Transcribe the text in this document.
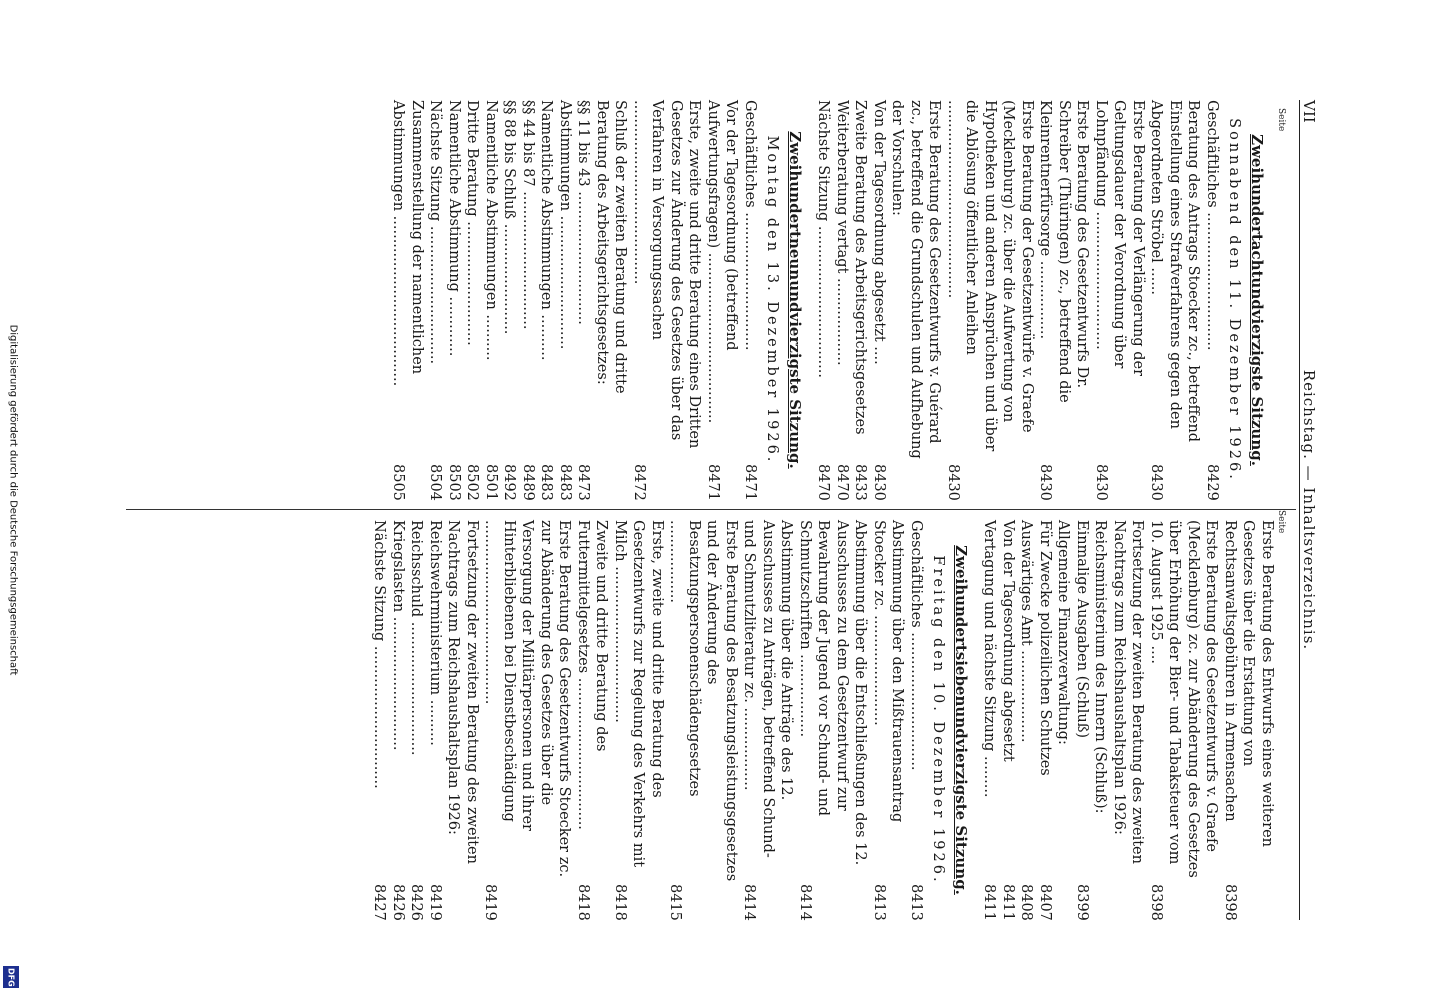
Digitalisierung gefördert durch die Deutsche Forschungsgemeinschaft
DFG
VII
Reichstag. — Inhaltsverzeichnis.
Seite
Seite
Zweihundertachtundvierzigste Sitzung.
Sonnabend den 11. Dezember 1926.
Geschäftliches ..............................
8429
Beratung des Antrags Stoecker zc., betreffend Einstellung eines Strafverfahrens gegen den Abgeordneten Ströbel ......
8430
Erste Beratung der Verlängerung der Geltungsdauer der Verordnung über Lohnpfändung ..............................
8430
Erste Beratung des Gesetzentwurfs Dr. Schreiber (Thüringen) zc., betreffend die Kleinrentnerfürsorge .................
8430
Erste Beratung der Gesetzentwürfe v. Graefe (Mecklenburg) zc. über die Aufwertung von Hypotheken und anderen Ansprüchen und über die Ablösung öffentlicher Anleihen ...........................................
8430
Erste Beratung des Gesetzentwurfs v. Guérard zc., betreffend die Grundschulen und Aufhebung der Vorschulen:
Von der Tagesordnung abgesetzt ....
8430
Zweite Beratung des Arbeitsgerichtsgesetzes
8433
Weiterberatung vertagt ...................
8470
Nächste Sitzung .................................
8470
Zweihundertneunundvierzigste Sitzung.
Montag den 13. Dezember 1926.
Geschäftliches ..............................
8471
Vor der Tagesordnung (betreffend Aufwertungsfragen) .....................................
8471
Erste, zweite und dritte Beratung eines Dritten Gesetzes zur Änderung des Gesetzes über das Verfahren in Versorgungssachen ........................................
8472
Schluß der zweiten Beratung und dritte Beratung des Arbeitsgerichtsgesetzes:
§§ 11 bis 43 .............................
8473
Abstimmungen .............................
8483
Namentliche Abstimmungen ..........
8483
§§ 44 bis 87 ..............................
8489
§§ 88 bis Schluß ........................
8492
Namentliche Abstimmungen ..........
8501
Dritte Beratung ...........................
8502
Namentliche Abstimmung .............
8503
Nächste Sitzung ..............................
8504
Zusammenstellung der namentlichen Abstimmungen .....................................
8505
Erste Beratung des Entwurfs eines weiteren Gesetzes über die Erstattung von Rechtsanwaltsgebühren in Armensachen
8398
Erste Beratung des Gesetzentwurfs v. Graefe (Mecklenburg) zc. zur Abänderung des Gesetzes über Erhöhung der Bier- und Tabaksteuer vom 10. August 1925 ....
8398
Fortsetzung der zweiten Beratung des zweiten Nachtrags zum Reichshaushaltsplan 1926:
Reichsministerium des Innern (Schluß):
Einmalige Ausgaben (Schluß)
8399
Allgemeine Finanzverwaltung:
Für Zwecke polizeilichen Schutzes
8407
Auswärtiges Amt ....................
8408
Von der Tagesordnung abgesetzt
8411
Vertagung und nächste Sitzung .........
8411
Zweihundertsiebenundvierzigste Sitzung.
Freitag den 10. Dezember 1926.
Geschäftliches ..............................
8413
Abstimmung über den Mißtrauensantrag Stoecker zc. ........................
8413
Abstimmung über die Entschließungen des 12. Ausschusses zu dem Gesetzentwurf zur Bewahrung der Jugend vor Schund- und Schmutzschriften ..................
8414
Abstimmung über die Anträge des 12. Ausschusses zu Anträgen, betreffend Schund- und Schmutzliteratur zc. ..................
8414
Erste Beratung des Besatzungsleistungsgesetzes und der Änderung des Besatzungspersonenschädengesetzes ..................
8415
Erste, zweite und dritte Beratung des Gesetzentwurfs zur Regelung des Verkehrs mit Milch ..................................
8418
Zweite und dritte Beratung des Futtermittelgesetzes .................................
8418
Erste Beratung des Gesetzentwurfs Stoecker zc. zur Abänderung des Gesetzes über die Versorgung der Militärpersonen und ihrer Hinterbliebenen bei Dienstbeschädigung ........................................
8419
Fortsetzung der zweiten Beratung des zweiten Nachtrags zum Reichshaushaltsplan 1926:
Reichswehrministerium ..........
8419
Reichsschuld .............................
8426
Kriegslasten .............................
8426
Nächste Sitzung ...............................
8427
